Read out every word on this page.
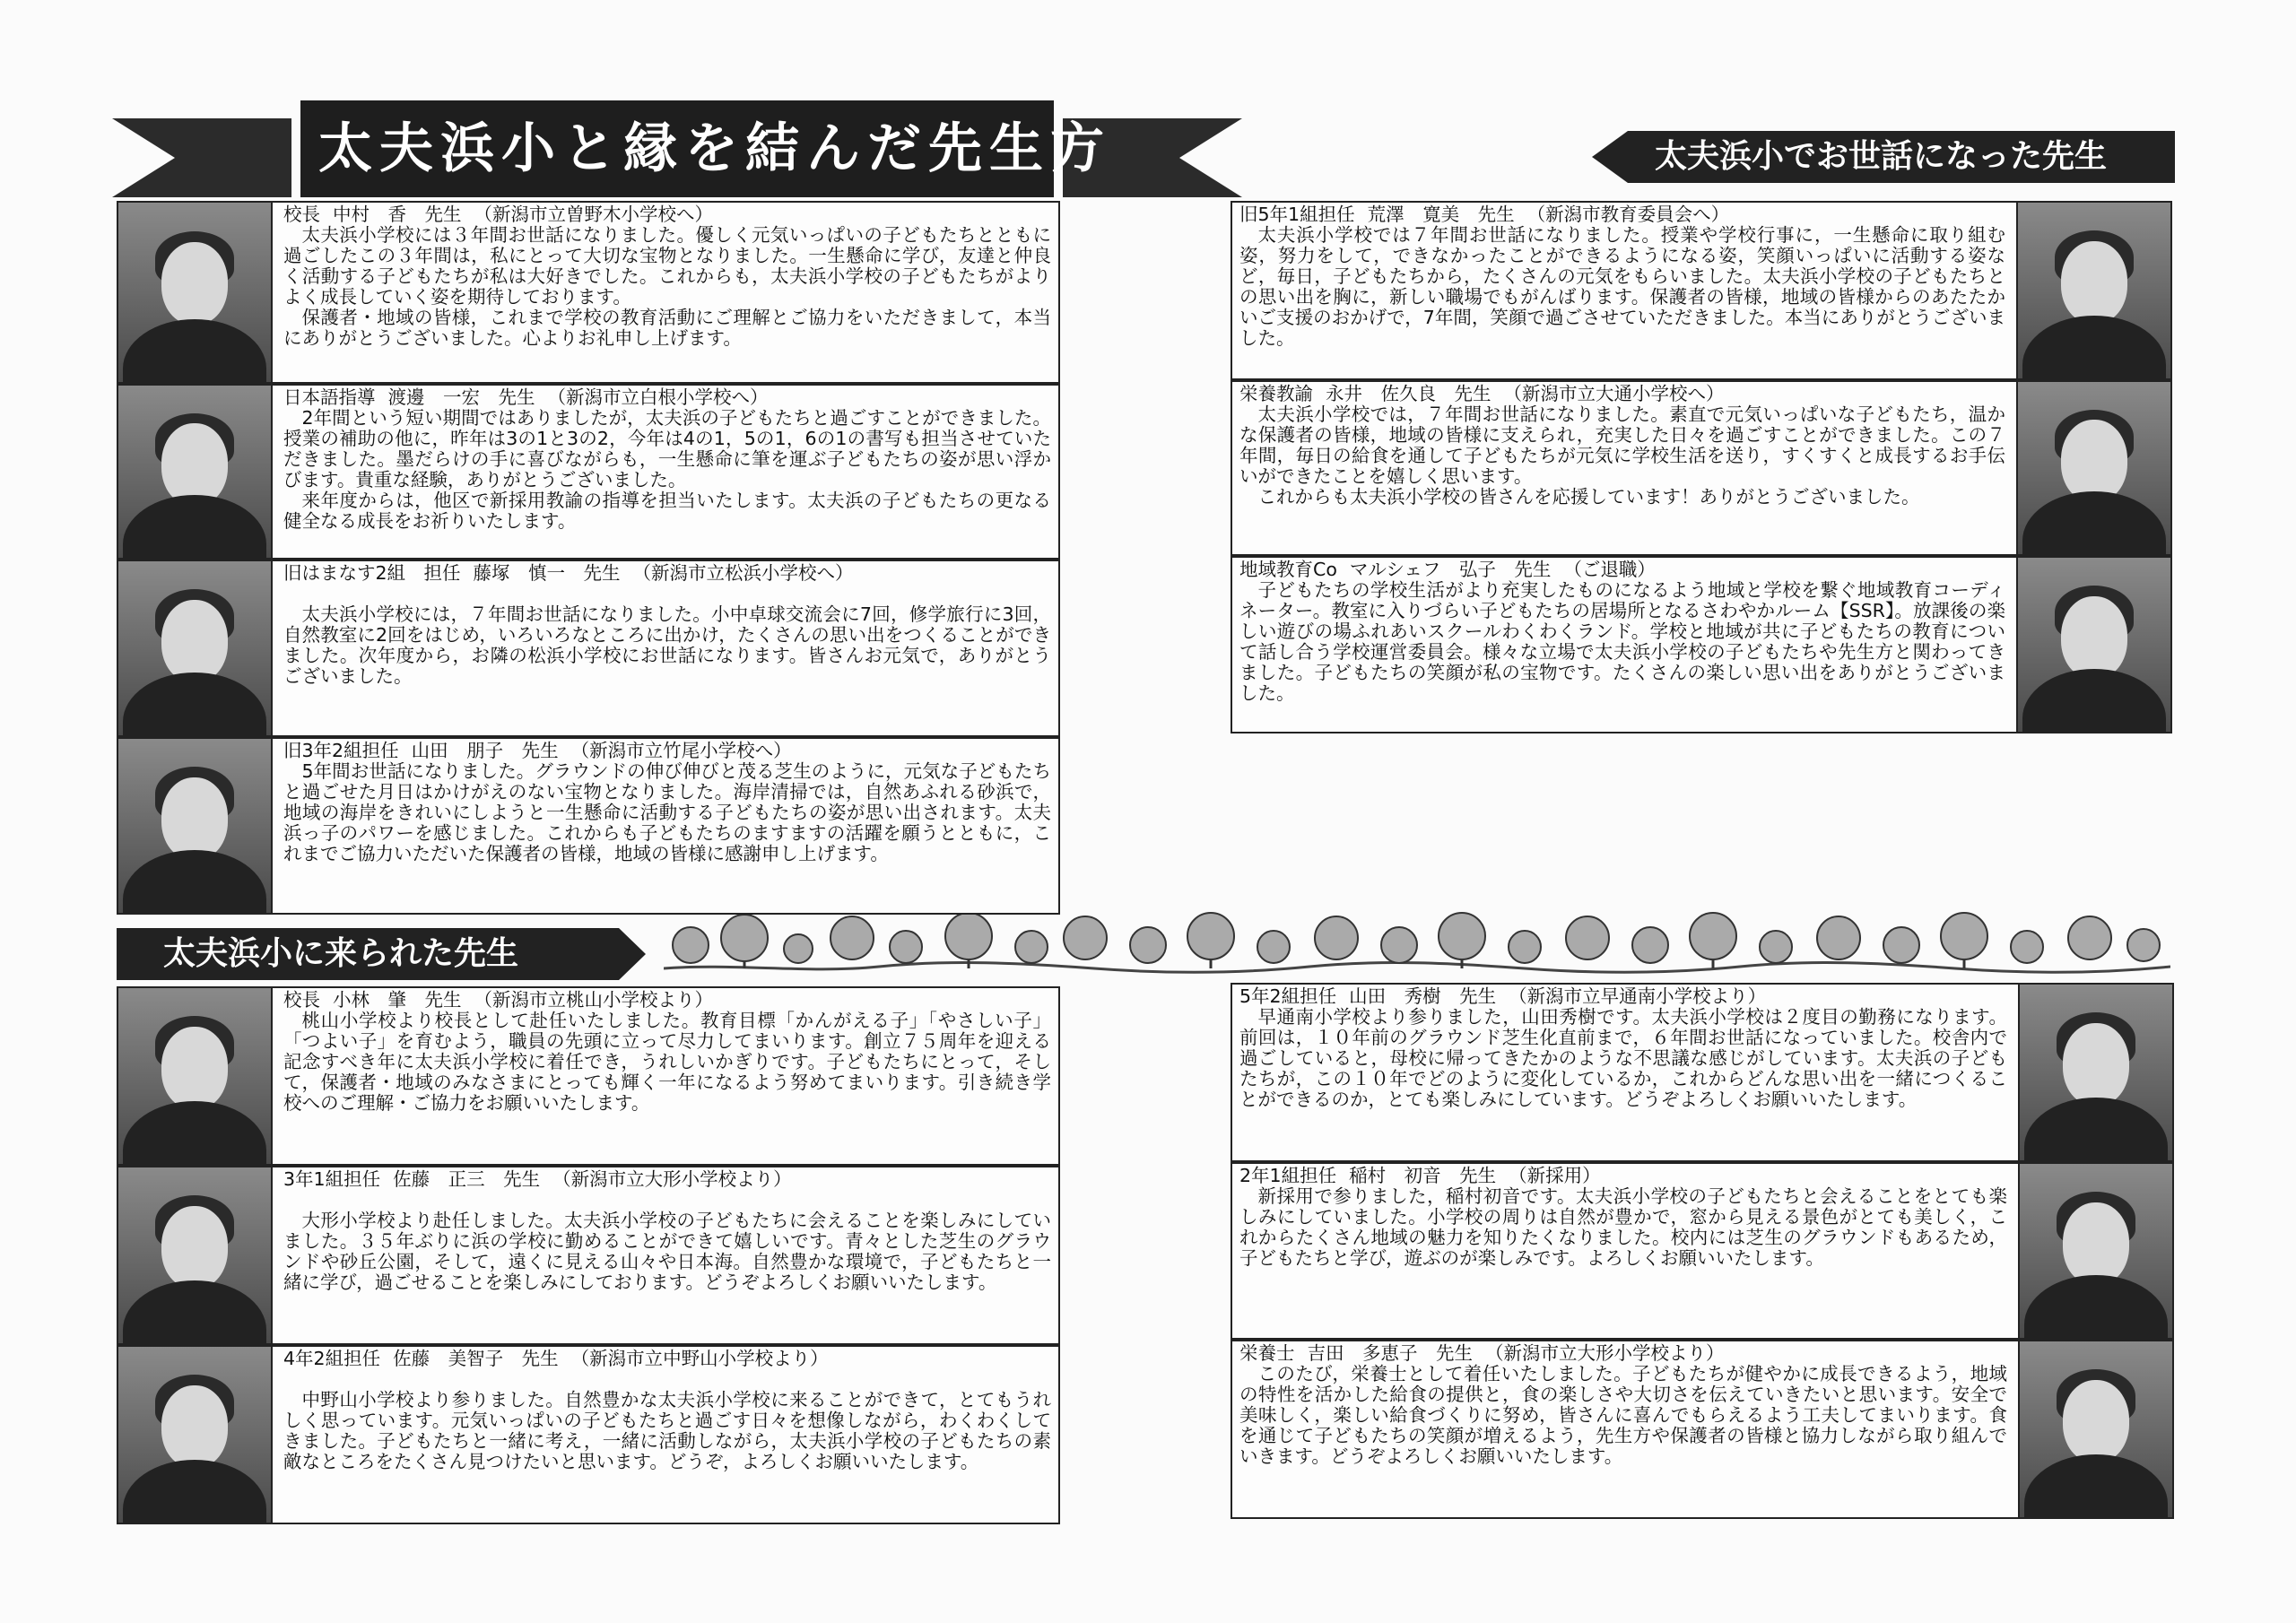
太夫浜小と縁を結んだ先生方	太夫浜小でお世話になった先生
太夫浜小に来られた先生
校長 中村　香　先生 （新潟市立曽野木小学校へ）

太夫浜小学校には３年間お世話になりました。優しく元気いっぱいの子どもたちとともに過ごしたこの３年間は，私にとって大切な宝物となりました。一生懸命に学び，友達と仲良く活動する子どもたちが私は大好きでした。これからも，太夫浜小学校の子どもたちがよりよく成長していく姿を期待しております。

保護者・地域の皆様，これまで学校の教育活動にご理解とご協力をいただきまして，本当にありがとうございました。心よりお礼申し上げます。

日本語指導 渡邊　一宏　先生 （新潟市立白根小学校へ）

2年間という短い期間ではありましたが，太夫浜の子どもたちと過ごすことができました。授業の補助の他に，昨年は3の1と3の2，今年は4の1，5の1，6の1の書写も担当させていただきました。墨だらけの手に喜びながらも，一生懸命に筆を運ぶ子どもたちの姿が思い浮かびます。貴重な経験，ありがとうございました。

来年度からは，他区で新採用教諭の指導を担当いたします。太夫浜の子どもたちの更なる健全なる成長をお祈りいたします。

旧はまなす2組　担任 藤塚　慎一　先生 （新潟市立松浜小学校へ）

太夫浜小学校には，７年間お世話になりました。小中卓球交流会に7回，修学旅行に3回，自然教室に2回をはじめ，いろいろなところに出かけ，たくさんの思い出をつくることができました。次年度から，お隣の松浜小学校にお世話になります。皆さんお元気で，ありがとうございました。

旧3年2組担任 山田　朋子　先生 （新潟市立竹尾小学校へ）

5年間お世話になりました。グラウンドの伸び伸びと茂る芝生のように，元気な子どもたちと過ごせた月日はかけがえのない宝物となりました。海岸清掃では，自然あふれる砂浜で，地域の海岸をきれいにしようと一生懸命に活動する子どもたちの姿が思い出されます。太夫浜っ子のパワーを感じました。これからも子どもたちのますますの活躍を願うとともに，これまでご協力いただいた保護者の皆様，地域の皆様に感謝申し上げます。

旧5年1組担任 荒澤　寛美　先生 （新潟市教育委員会へ）

太夫浜小学校では７年間お世話になりました。授業や学校行事に，一生懸命に取り組む姿，努力をして，できなかったことができるようになる姿，笑顔いっぱいに活動する姿など，毎日，子どもたちから，たくさんの元気をもらいました。太夫浜小学校の子どもたちとの思い出を胸に，新しい職場でもがんばります。保護者の皆様，地域の皆様からのあたたかいご支援のおかげで，7年間，笑顔で過ごさせていただきました。本当にありがとうございました。

栄養教諭 永井　佐久良　先生 （新潟市立大通小学校へ）

太夫浜小学校では，７年間お世話になりました。素直で元気いっぱいな子どもたち，温かな保護者の皆様，地域の皆様に支えられ，充実した日々を過ごすことができました。この７年間，毎日の給食を通して子どもたちが元気に学校生活を送り，すくすくと成長するお手伝いができたことを嬉しく思います。

これからも太夫浜小学校の皆さんを応援しています！ありがとうございました。

地域教育Co マルシェフ　弘子　先生 （ご退職）

子どもたちの学校生活がより充実したものになるよう地域と学校を繋ぐ地域教育コーディネーター。教室に入りづらい子どもたちの居場所となるさわやかルーム【SSR】。放課後の楽しい遊びの場ふれあいスクールわくわくランド。学校と地域が共に子どもたちの教育について話し合う学校運営委員会。様々な立場で太夫浜小学校の子どもたちや先生方と関わってきました。子どもたちの笑顔が私の宝物です。たくさんの楽しい思い出をありがとうございました。

校長 小林　肇　先生 （新潟市立桃山小学校より）

桃山小学校より校長として赴任いたしました。教育目標「かんがえる子」「やさしい子」「つよい子」を育むよう，職員の先頭に立って尽力してまいります。創立７５周年を迎える記念すべき年に太夫浜小学校に着任でき，うれしいかぎりです。子どもたちにとって，そして，保護者・地域のみなさまにとっても輝く一年になるよう努めてまいります。引き続き学校へのご理解・ご協力をお願いいたします。

3年1組担任 佐藤　正三　先生 （新潟市立大形小学校より）

大形小学校より赴任しました。太夫浜小学校の子どもたちに会えることを楽しみにしていました。３５年ぶりに浜の学校に勤めることができて嬉しいです。青々とした芝生のグラウンドや砂丘公園，そして，遠くに見える山々や日本海。自然豊かな環境で，子どもたちと一緒に学び，過ごせることを楽しみにしております。どうぞよろしくお願いいたします。

4年2組担任 佐藤　美智子　先生 （新潟市立中野山小学校より）

中野山小学校より参りました。自然豊かな太夫浜小学校に来ることができて，とてもうれしく思っています。元気いっぱいの子どもたちと過ごす日々を想像しながら，わくわくしてきました。子どもたちと一緒に考え，一緒に活動しながら，太夫浜小学校の子どもたちの素敵なところをたくさん見つけたいと思います。どうぞ，よろしくお願いいたします。

5年2組担任 山田　秀樹　先生 （新潟市立早通南小学校より）

早通南小学校より参りました，山田秀樹です。太夫浜小学校は２度目の勤務になります。前回は，１０年前のグラウンド芝生化直前まで，６年間お世話になっていました。校舎内で過ごしていると，母校に帰ってきたかのような不思議な感じがしています。太夫浜の子どもたちが，この１０年でどのように変化しているか，これからどんな思い出を一緒につくることができるのか，とても楽しみにしています。どうぞよろしくお願いいたします。

2年1組担任 稲村　初音　先生 （新採用）

新採用で参りました，稲村初音です。太夫浜小学校の子どもたちと会えることをとても楽しみにしていました。小学校の周りは自然が豊かで，窓から見える景色がとても美しく，これからたくさん地域の魅力を知りたくなりました。校内には芝生のグラウンドもあるため，子どもたちと学び，遊ぶのが楽しみです。よろしくお願いいたします。

栄養士 吉田　多恵子　先生 （新潟市立大形小学校より）

このたび，栄養士として着任いたしました。子どもたちが健やかに成長できるよう，地域の特性を活かした給食の提供と，食の楽しさや大切さを伝えていきたいと思います。安全で美味しく，楽しい給食づくりに努め，皆さんに喜んでもらえるよう工夫してまいります。食を通じて子どもたちの笑顔が増えるよう，先生方や保護者の皆様と協力しながら取り組んでいきます。どうぞよろしくお願いいたします。
